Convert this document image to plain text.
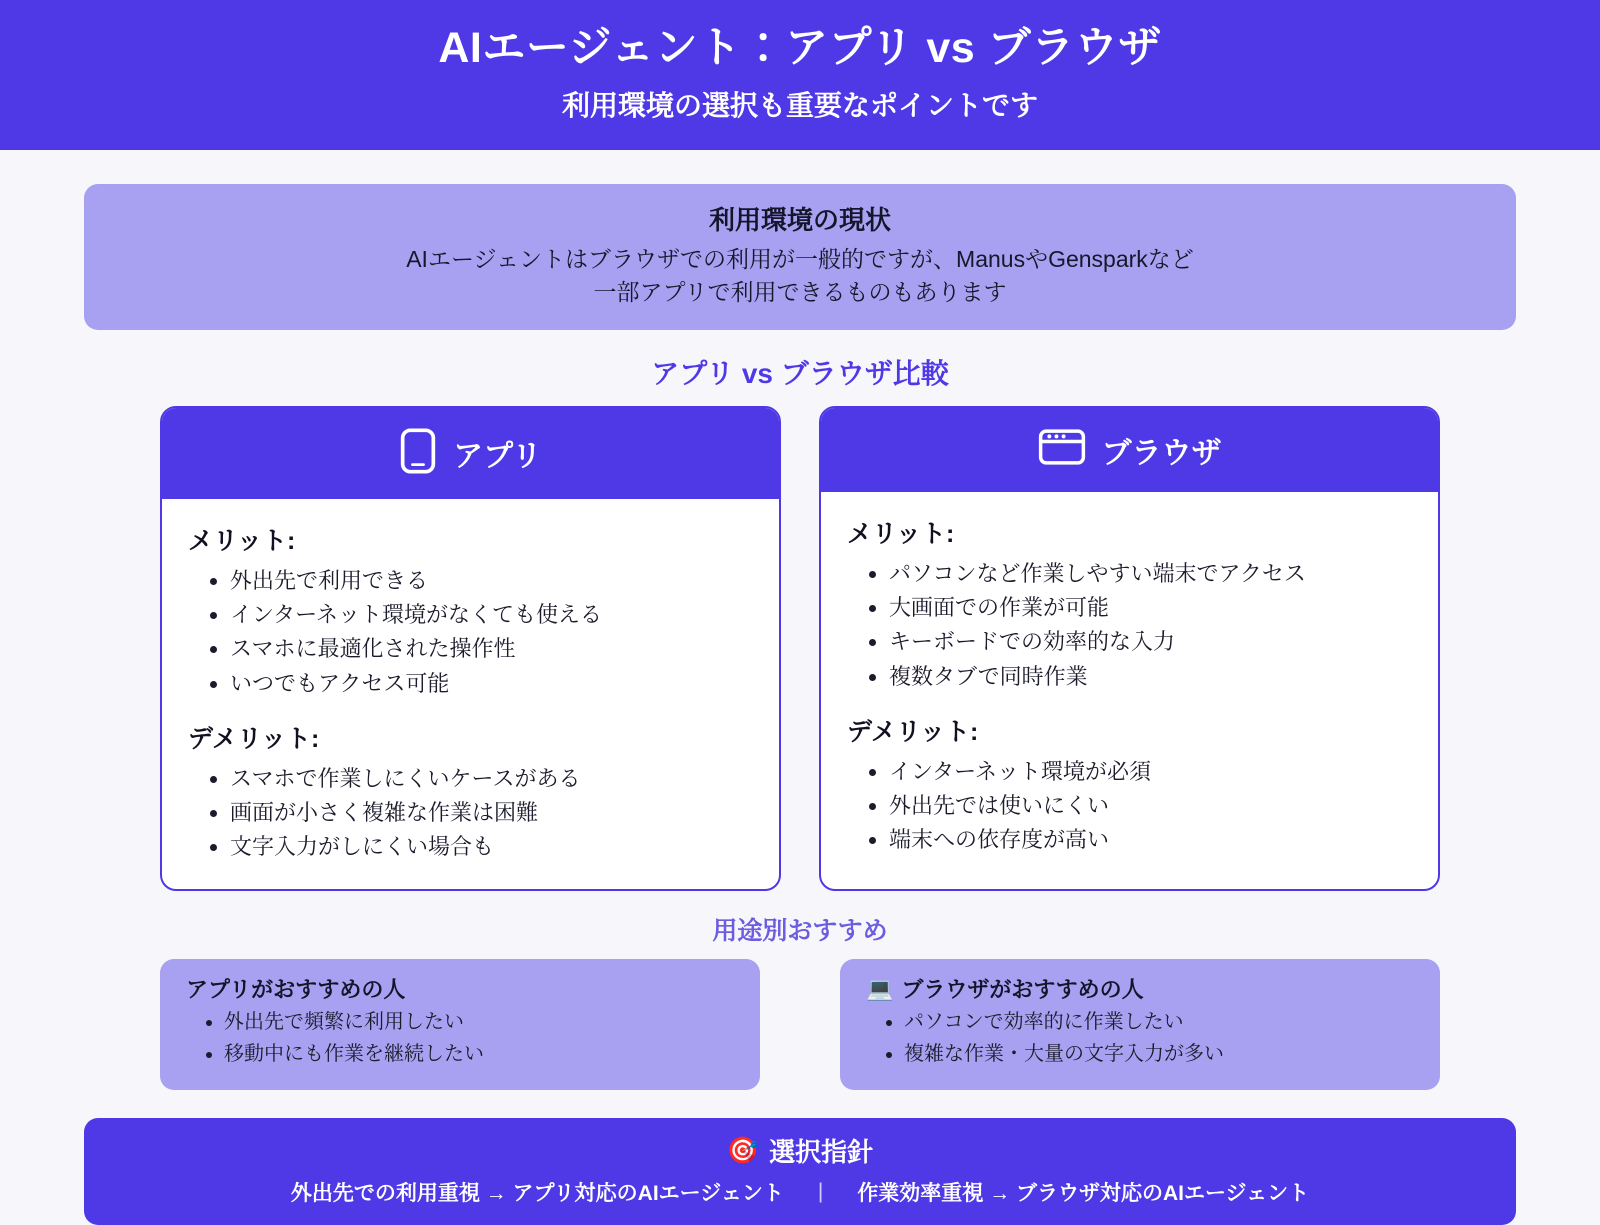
AIエージェント：アプリ vs ブラウザ
利用環境の選択も重要なポイントです
利用環境の現状
AIエージェントはブラウザでの利用が一般的ですが、ManusやGensparkなど
一部アプリで利用できるものもあります
アプリ vs ブラウザ比較
アプリ
メリット:
• 外出先で利用できる
• インターネット環境がなくても使える
• スマホに最適化された操作性
• いつでもアクセス可能
デメリット:
• スマホで作業しにくいケースがある
• 画面が小さく複雑な作業は困難
• 文字入力がしにくい場合も
ブラウザ
メリット:
• パソコンなど作業しやすい端末でアクセス
• 大画面での作業が可能
• キーボードでの効率的な入力
• 複数タブで同時作業
デメリット:
• インターネット環境が必須
• 外出先では使いにくい
• 端末への依存度が高い
用途別おすすめ
アプリがおすすめの人
• 外出先で頻繁に利用したい
• 移動中にも作業を継続したい
💻 ブラウザがおすすめの人
• パソコンで効率的に作業したい
• 複雑な作業・大量の文字入力が多い
🎯 選択指針
外出先での利用重視 → アプリ対応のAIエージェント | 作業効率重視 → ブラウザ対応のAIエージェント
